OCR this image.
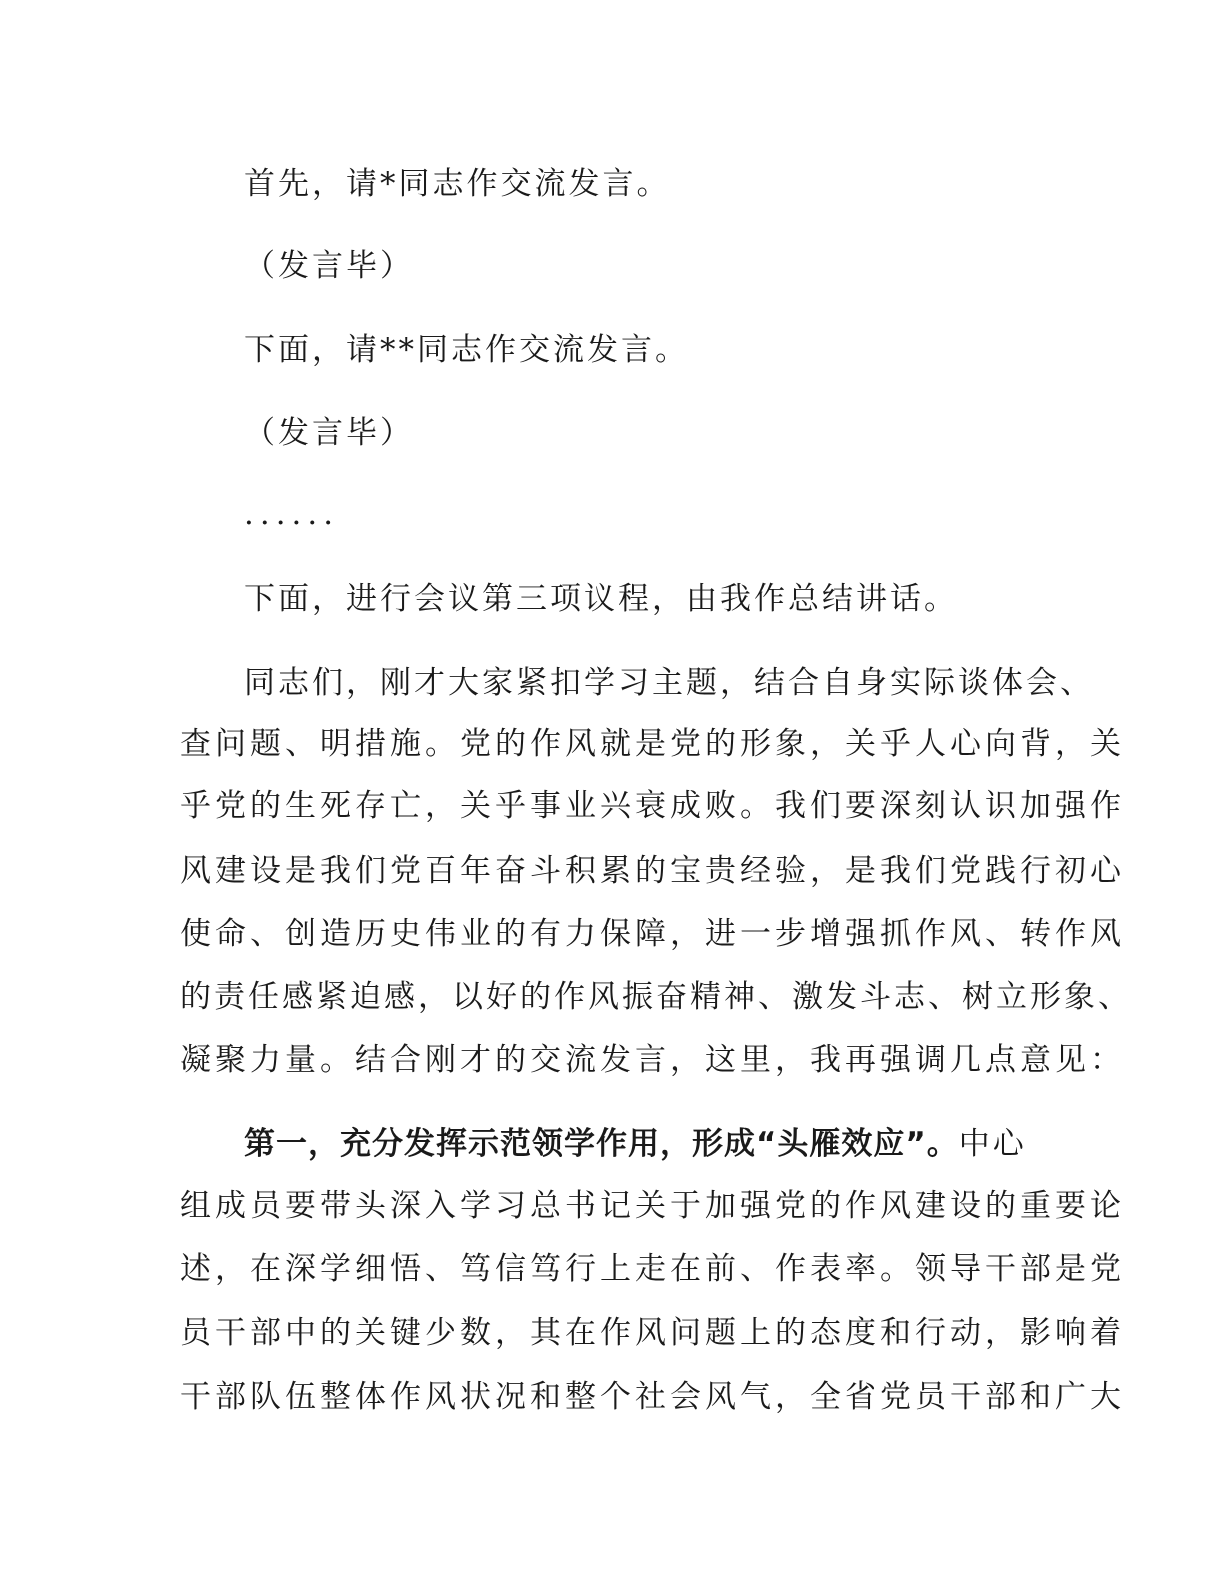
首先，请*同志作交流发言。
（发言毕）
下面，请**同志作交流发言。
（发言毕）
······
下面，进行会议第三项议程，由我作总结讲话。
同志们，刚才大家紧扣学习主题，结合自身实际谈体会、
查问题、明措施。党的作风就是党的形象，关乎人心向背，关
乎党的生死存亡，关乎事业兴衰成败。我们要深刻认识加强作
风建设是我们党百年奋斗积累的宝贵经验，是我们党践行初心
使命、创造历史伟业的有力保障，进一步增强抓作风、转作风
的责任感紧迫感，以好的作风振奋精神、激发斗志、树立形象、
凝聚力量。结合刚才的交流发言，这里，我再强调几点意见：
第一，充分发挥示范领学作用，形成“头雁效应”。中心
组成员要带头深入学习总书记关于加强党的作风建设的重要论
述，在深学细悟、笃信笃行上走在前、作表率。领导干部是党
员干部中的关键少数，其在作风问题上的态度和行动，影响着
干部队伍整体作风状况和整个社会风气，全省党员干部和广大
